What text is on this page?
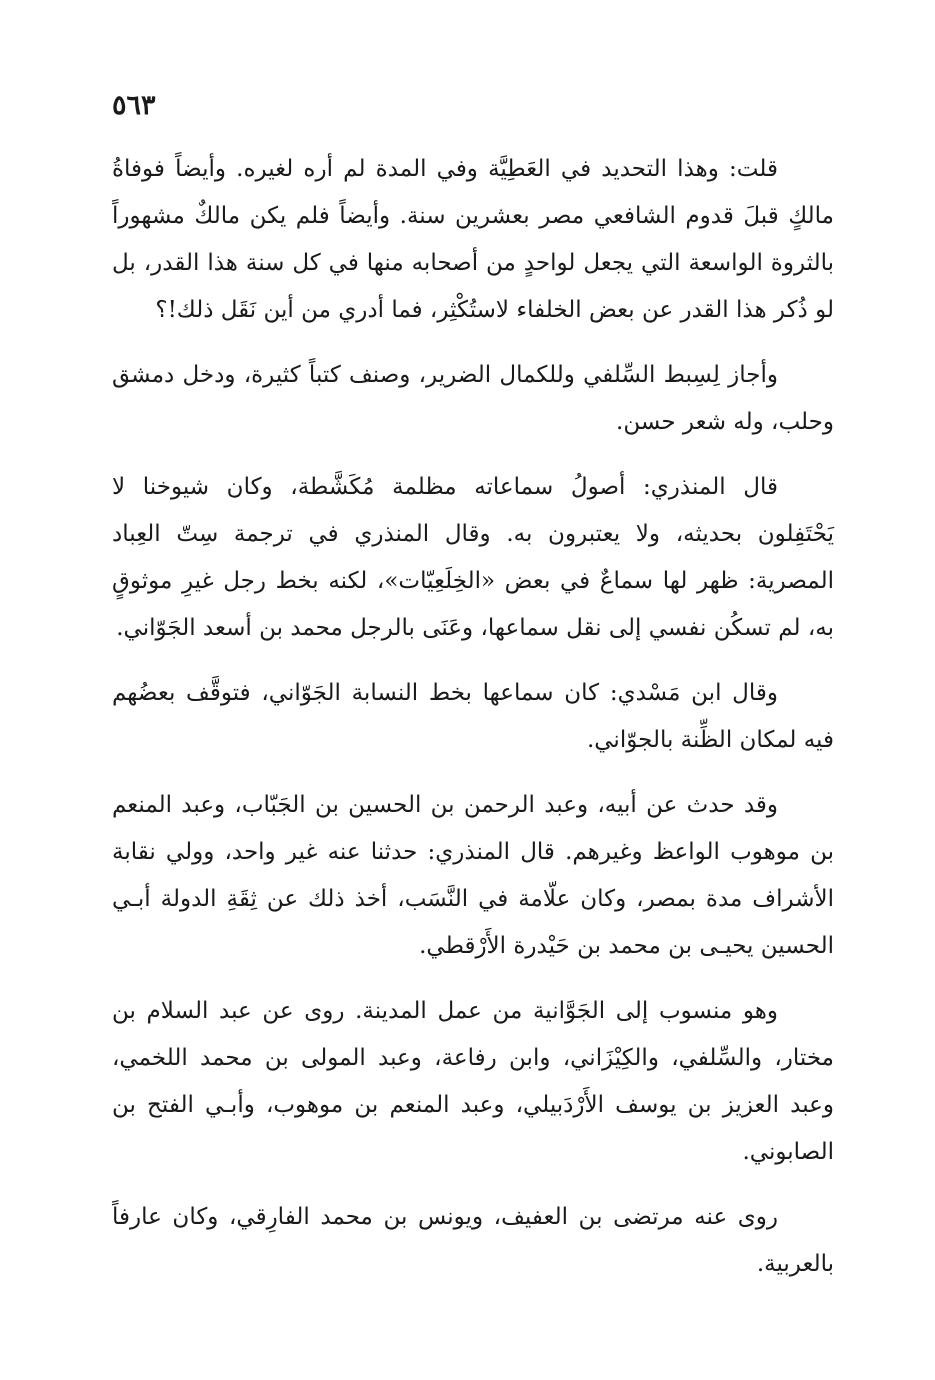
٥٦٣

قلت: وهذا التحديد في العَطِيَّة وفي المدة لم أره لغيره. وأيضاً فوفاةُ مالكٍ قبلَ قدوم الشافعي مصر بعشرين سنة. وأيضاً فلم يكن مالكٌ مشهوراً بالثروة الواسعة التي يجعل لواحدٍ من أصحابه منها في كل سنة هذا القدر، بل لو ذُكر هذا القدر عن بعض الخلفاء لاستُكْثِر، فما أدري من أين نَقَل ذلك!؟

وأجاز لِسِبط السِّلفي وللكمال الضرير، وصنف كتباً كثيرة، ودخل دمشق وحلب، وله شعر حسن.

قال المنذري: أصولُ سماعاته مظلمة مُكَشَّطة، وكان شيوخنا لا يَحْتَفِلون بحديثه، ولا يعتبرون به. وقال المنذري في ترجمة سِتّ العِباد المصرية: ظهر لها سماعٌ في بعض «الخِلَعِيّات»، لكنه بخط رجل غيرِ موثوقٍ به، لم تسكُن نفسي إلى نقل سماعها، وعَنَى بالرجل محمد بن أسعد الجَوّاني.

وقال ابن مَسْدي: كان سماعها بخط النسابة الجَوّاني، فتوقَّف بعضُهم فيه لمكان الظِّنة بالجوّاني.

وقد حدث عن أبيه، وعبد الرحمن بن الحسين بن الجَبّاب، وعبد المنعم بن موهوب الواعظ وغيرهم. قال المنذري: حدثنا عنه غير واحد، وولي نقابة الأشراف مدة بمصر، وكان علّامة في النَّسَب، أخذ ذلك عن ثِقَةِ الدولة أبـي الحسين يحيـى بن محمد بن حَيْدرة الأَرْقطي.

وهو منسوب إلى الجَوَّانية من عمل المدينة. روى عن عبد السلام بن مختار، والسِّلفي، والكِيْزَاني، وابن رفاعة، وعبد المولى بن محمد اللخمي، وعبد العزيز بن يوسف الأَرْدَبيلي، وعبد المنعم بن موهوب، وأبـي الفتح بن الصابوني.

روى عنه مرتضى بن العفيف، ويونس بن محمد الفارِقي، وكان عارفاً بالعربية.
